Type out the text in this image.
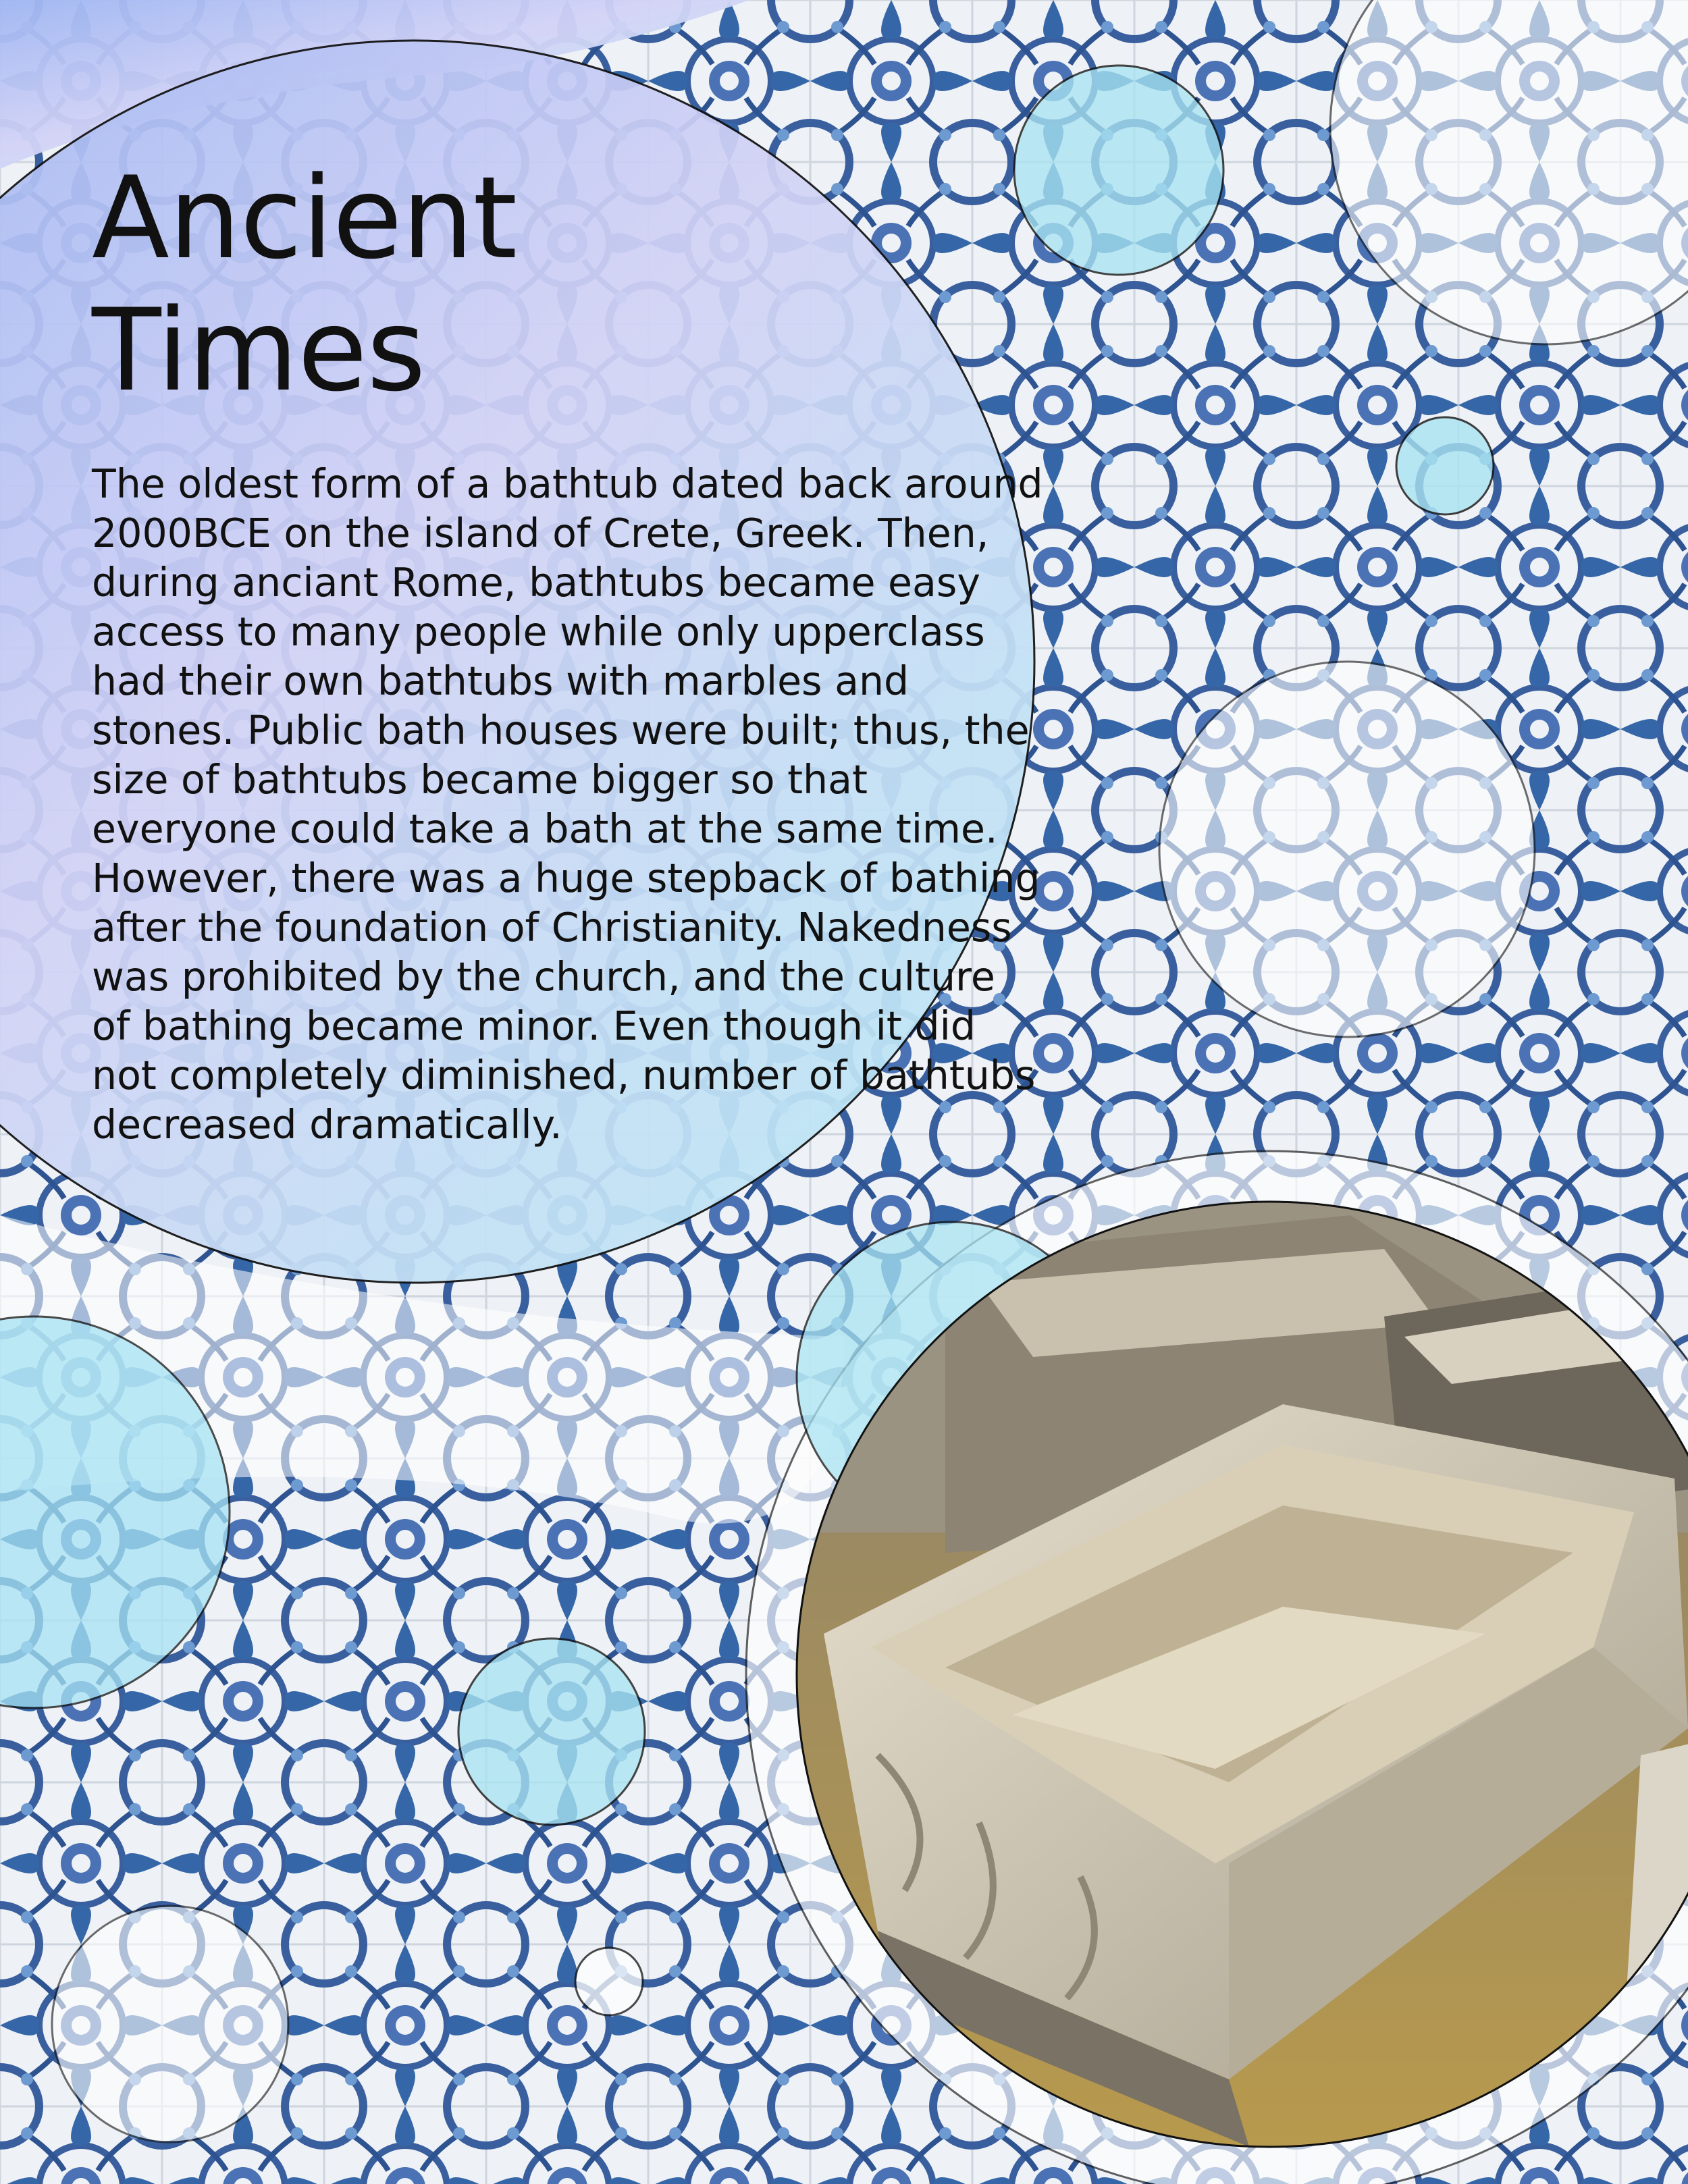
Ancient Times

The oldest form of a bathtub dated back around 2000BCE on the island of Crete, Greek. Then, during anciant Rome, bathtubs became easy access to many people while only upperclass had their own bathtubs with marbles and stones. Public bath houses were built; thus, the size of bathtubs became bigger so that everyone could take a bath at the same time. However, there was a huge stepback of bathing after the foundation of Christianity. Nakedness was prohibited by the church, and the culture of bathing became minor. Even though it did not completely diminished, number of bathtubs decreased dramatically.
